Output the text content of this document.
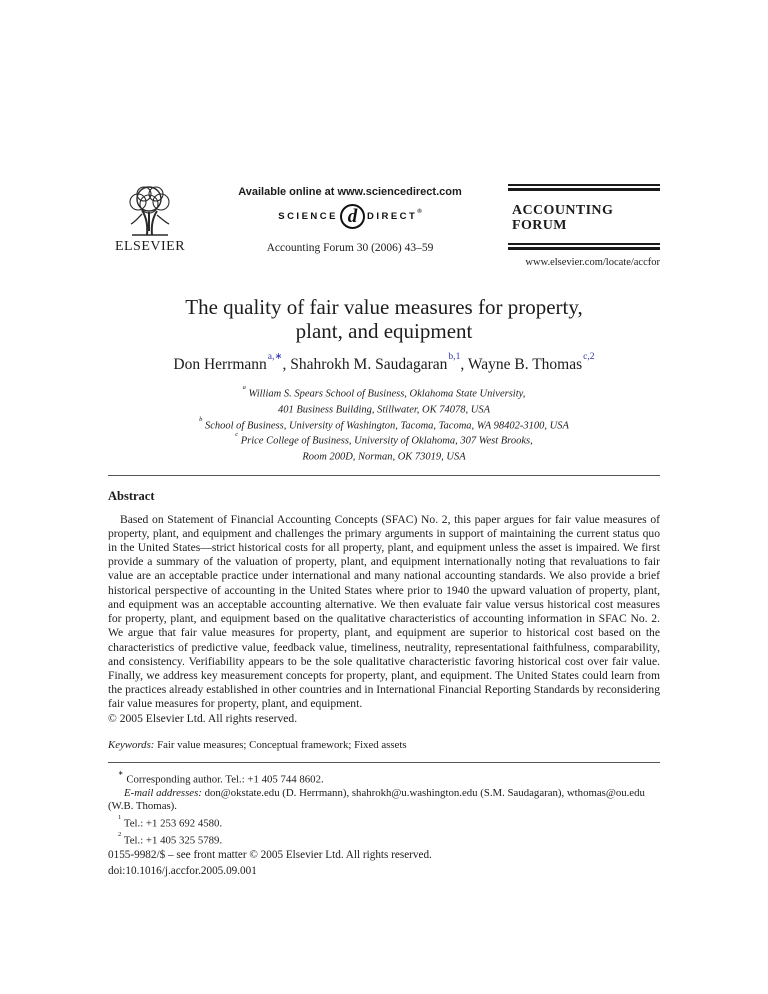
ELSEVIER
Available online at www.sciencedirect.com
SCIENCE d	DIRECT ®
Accounting Forum 30 (2006) 43–59
ACCOUNTING
FORUM
www.elsevier.com/locate/accfor
The quality of fair value measures for property,
plant, and equipment
Don Herrmann$^{a,∗}$, Shahrokh M. Saudagaran$^{b,1}$, Wayne B. Thomas$^{c,2}$
$^a$ William S. Spears School of Business, Oklahoma State University,
401 Business Building, Stillwater, OK 74078, USA
$^b$ School of Business, University of Washington, Tacoma, Tacoma, WA 98402-3100, USA
$^c$ Price College of Business, University of Oklahoma, 307 West Brooks,
Room 200D, Norman, OK 73019, USA
Abstract
Based on Statement of Financial Accounting Concepts (SFAC) No. 2, this paper argues for fair value measures of property, plant, and equipment and challenges the primary arguments in support of maintaining the current status quo in the United States—strict historical costs for all property, plant, and equipment unless the asset is impaired. We first provide a summary of the valuation of property, plant, and equipment internationally noting that revaluations to fair value are an acceptable practice under international and many national accounting standards. We also provide a brief historical perspective of accounting in the United States where prior to 1940 the upward valuation of property, plant, and equipment was an acceptable accounting alternative. We then evaluate fair value versus historical cost measures for property, plant, and equipment based on the qualitative characteristics of accounting information in SFAC No. 2. We argue that fair value measures for property, plant, and equipment are superior to historical cost based on the characteristics of predictive value, feedback value, timeliness, neutrality, representational faithfulness, comparability, and consistency. Verifiability appears to be the sole qualitative characteristic favoring historical cost over fair value. Finally, we address key measurement concepts for property, plant, and equipment. The United States could learn from the practices already established in other countries and in International Financial Reporting Standards by reconsidering fair value measures for property, plant, and equipment.
© 2005 Elsevier Ltd. All rights reserved.
Keywords: Fair value measures; Conceptual framework; Fixed assets
∗ Corresponding author. Tel.: +1 405 744 8602.
E-mail addresses: don@okstate.edu (D. Herrmann), shahrokh@u.washington.edu (S.M. Saudagaran), wthomas@ou.edu (W.B. Thomas).
$^1$ Tel.: +1 253 692 4580.
$^2$ Tel.: +1 405 325 5789.
0155-9982/$ – see front matter © 2005 Elsevier Ltd. All rights reserved.
doi:10.1016/j.accfor.2005.09.001
